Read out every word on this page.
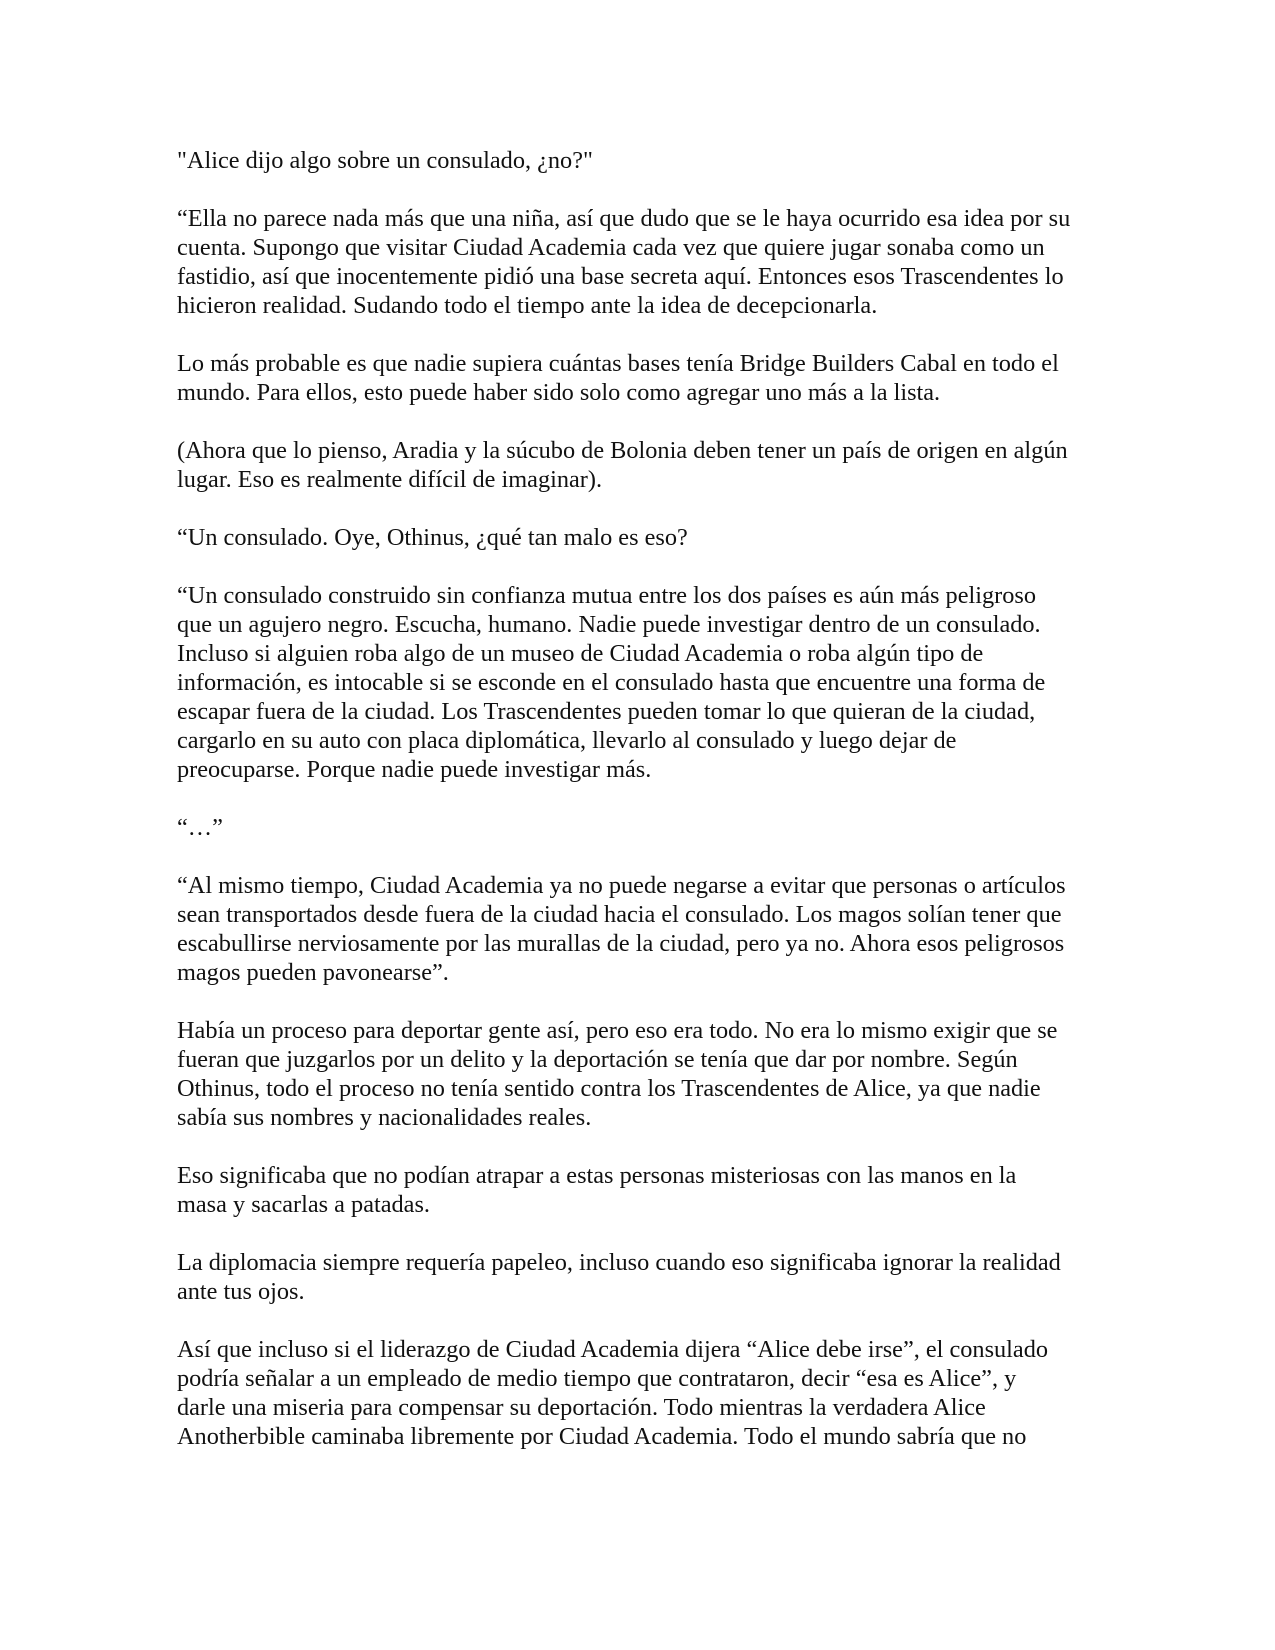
"Alice dijo algo sobre un consulado, ¿no?"

“Ella no parece nada más que una niña, así que dudo que se le haya ocurrido esa idea por su
cuenta. Supongo que visitar Ciudad Academia cada vez que quiere jugar sonaba como un
fastidio, así que inocentemente pidió una base secreta aquí. Entonces esos Trascendentes lo
hicieron realidad. Sudando todo el tiempo ante la idea de decepcionarla.

Lo más probable es que nadie supiera cuántas bases tenía Bridge Builders Cabal en todo el
mundo. Para ellos, esto puede haber sido solo como agregar uno más a la lista.

(Ahora que lo pienso, Aradia y la súcubo de Bolonia deben tener un país de origen en algún
lugar. Eso es realmente difícil de imaginar).

“Un consulado. Oye, Othinus, ¿qué tan malo es eso?

“Un consulado construido sin confianza mutua entre los dos países es aún más peligroso
que un agujero negro. Escucha, humano. Nadie puede investigar dentro de un consulado.
Incluso si alguien roba algo de un museo de Ciudad Academia o roba algún tipo de
información, es intocable si se esconde en el consulado hasta que encuentre una forma de
escapar fuera de la ciudad. Los Trascendentes pueden tomar lo que quieran de la ciudad,
cargarlo en su auto con placa diplomática, llevarlo al consulado y luego dejar de
preocuparse. Porque nadie puede investigar más.

“…”

“Al mismo tiempo, Ciudad Academia ya no puede negarse a evitar que personas o artículos
sean transportados desde fuera de la ciudad hacia el consulado. Los magos solían tener que
escabullirse nerviosamente por las murallas de la ciudad, pero ya no. Ahora esos peligrosos
magos pueden pavonearse”.

Había un proceso para deportar gente así, pero eso era todo. No era lo mismo exigir que se
fueran que juzgarlos por un delito y la deportación se tenía que dar por nombre. Según
Othinus, todo el proceso no tenía sentido contra los Trascendentes de Alice, ya que nadie
sabía sus nombres y nacionalidades reales.

Eso significaba que no podían atrapar a estas personas misteriosas con las manos en la
masa y sacarlas a patadas.

La diplomacia siempre requería papeleo, incluso cuando eso significaba ignorar la realidad
ante tus ojos.

Así que incluso si el liderazgo de Ciudad Academia dijera “Alice debe irse”, el consulado
podría señalar a un empleado de medio tiempo que contrataron, decir “esa es Alice”, y
darle una miseria para compensar su deportación. Todo mientras la verdadera Alice
Anotherbible caminaba libremente por Ciudad Academia. Todo el mundo sabría que no
